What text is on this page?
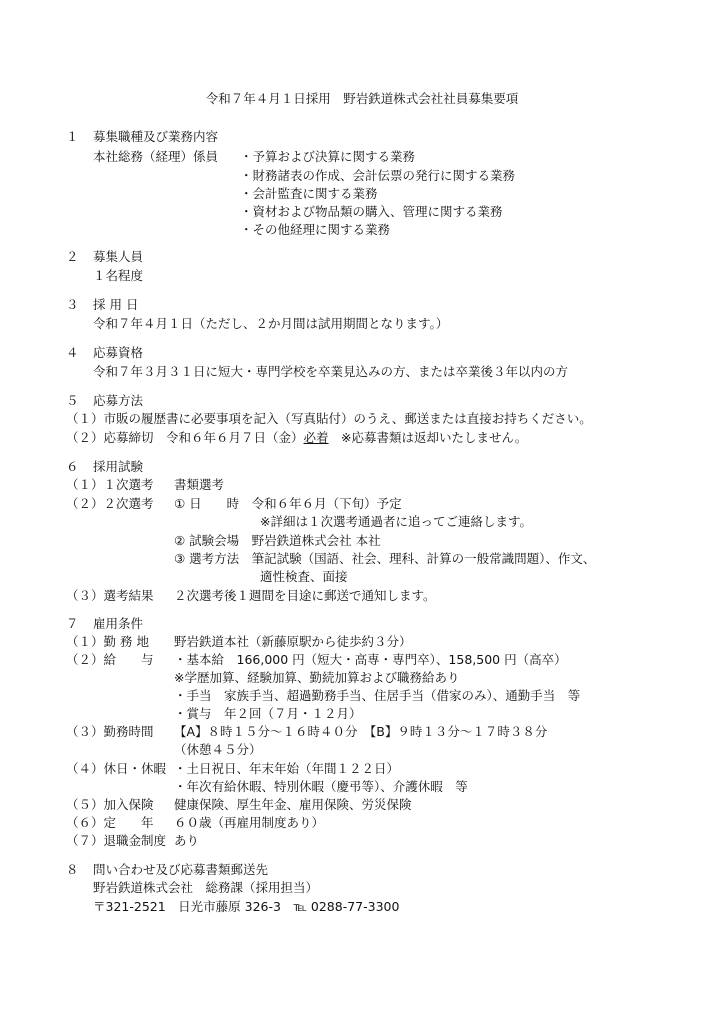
令和７年４月１日採用　野岩鉄道株式会社社員募集要項
１ 募集職種及び業務内容
本社総務（経理）係員 ・予算および決算に関する業務
・財務諸表の作成、会計伝票の発行に関する業務
・会計監査に関する業務
・資材および物品類の購入、管理に関する業務
・その他経理に関する業務
２ 募集人員
１名程度
３ 採 用 日
令和７年４月１日（ただし、２か月間は試用期間となります。）
４ 応募資格
令和７年３月３１日に短大・専門学校を卒業見込みの方、または卒業後３年以内の方
５ 応募方法
（１）市販の履歴書に必要事項を記入（写真貼付）のうえ、郵送または直接お持ちください。
（２）応募締切　令和６年６月７日（金）必着　※応募書類は返却いたしません。
６ 採用試験
（１）１次選考 書類選考
（２）２次選考 ① 日　　時　令和６年６月（下旬）予定
※詳細は１次選考通過者に追ってご連絡します。
② 試験会場　野岩鉄道株式会社 本社
③ 選考方法　筆記試験（国語、社会、理科、計算の一般常識問題）、作文、
適性検査、面接
（３）選考結果 ２次選考後１週間を目途に郵送で通知します。
７ 雇用条件
（１）勤 務 地 野岩鉄道本社（新藤原駅から徒歩約３分）
（２）給　　与 ・基本給　166,000 円（短大・高専・専門卒）、158,500 円（高卒）
※学歴加算、経験加算、勤続加算および職務給あり
・手当　家族手当、超過勤務手当、住居手当（借家のみ）、通勤手当　等
・賞与　年２回（７月・１２月）
（３）勤務時間 【A】８時１５分～１６時４０分　【B】９時１３分～１７時３８分
（休憩４５分）
（４）休日・休暇 ・土日祝日、年末年始（年間１２２日）
・年次有給休暇、特別休暇（慶弔等）、介護休暇　等
（５）加入保険 健康保険、厚生年金、雇用保険、労災保険
（６）定　　年 ６０歳（再雇用制度あり）
（７）退職金制度 あり
８ 問い合わせ及び応募書類郵送先
野岩鉄道株式会社　総務課（採用担当）
〒321-2521　日光市藤原 326-3　℡ 0288-77-3300
